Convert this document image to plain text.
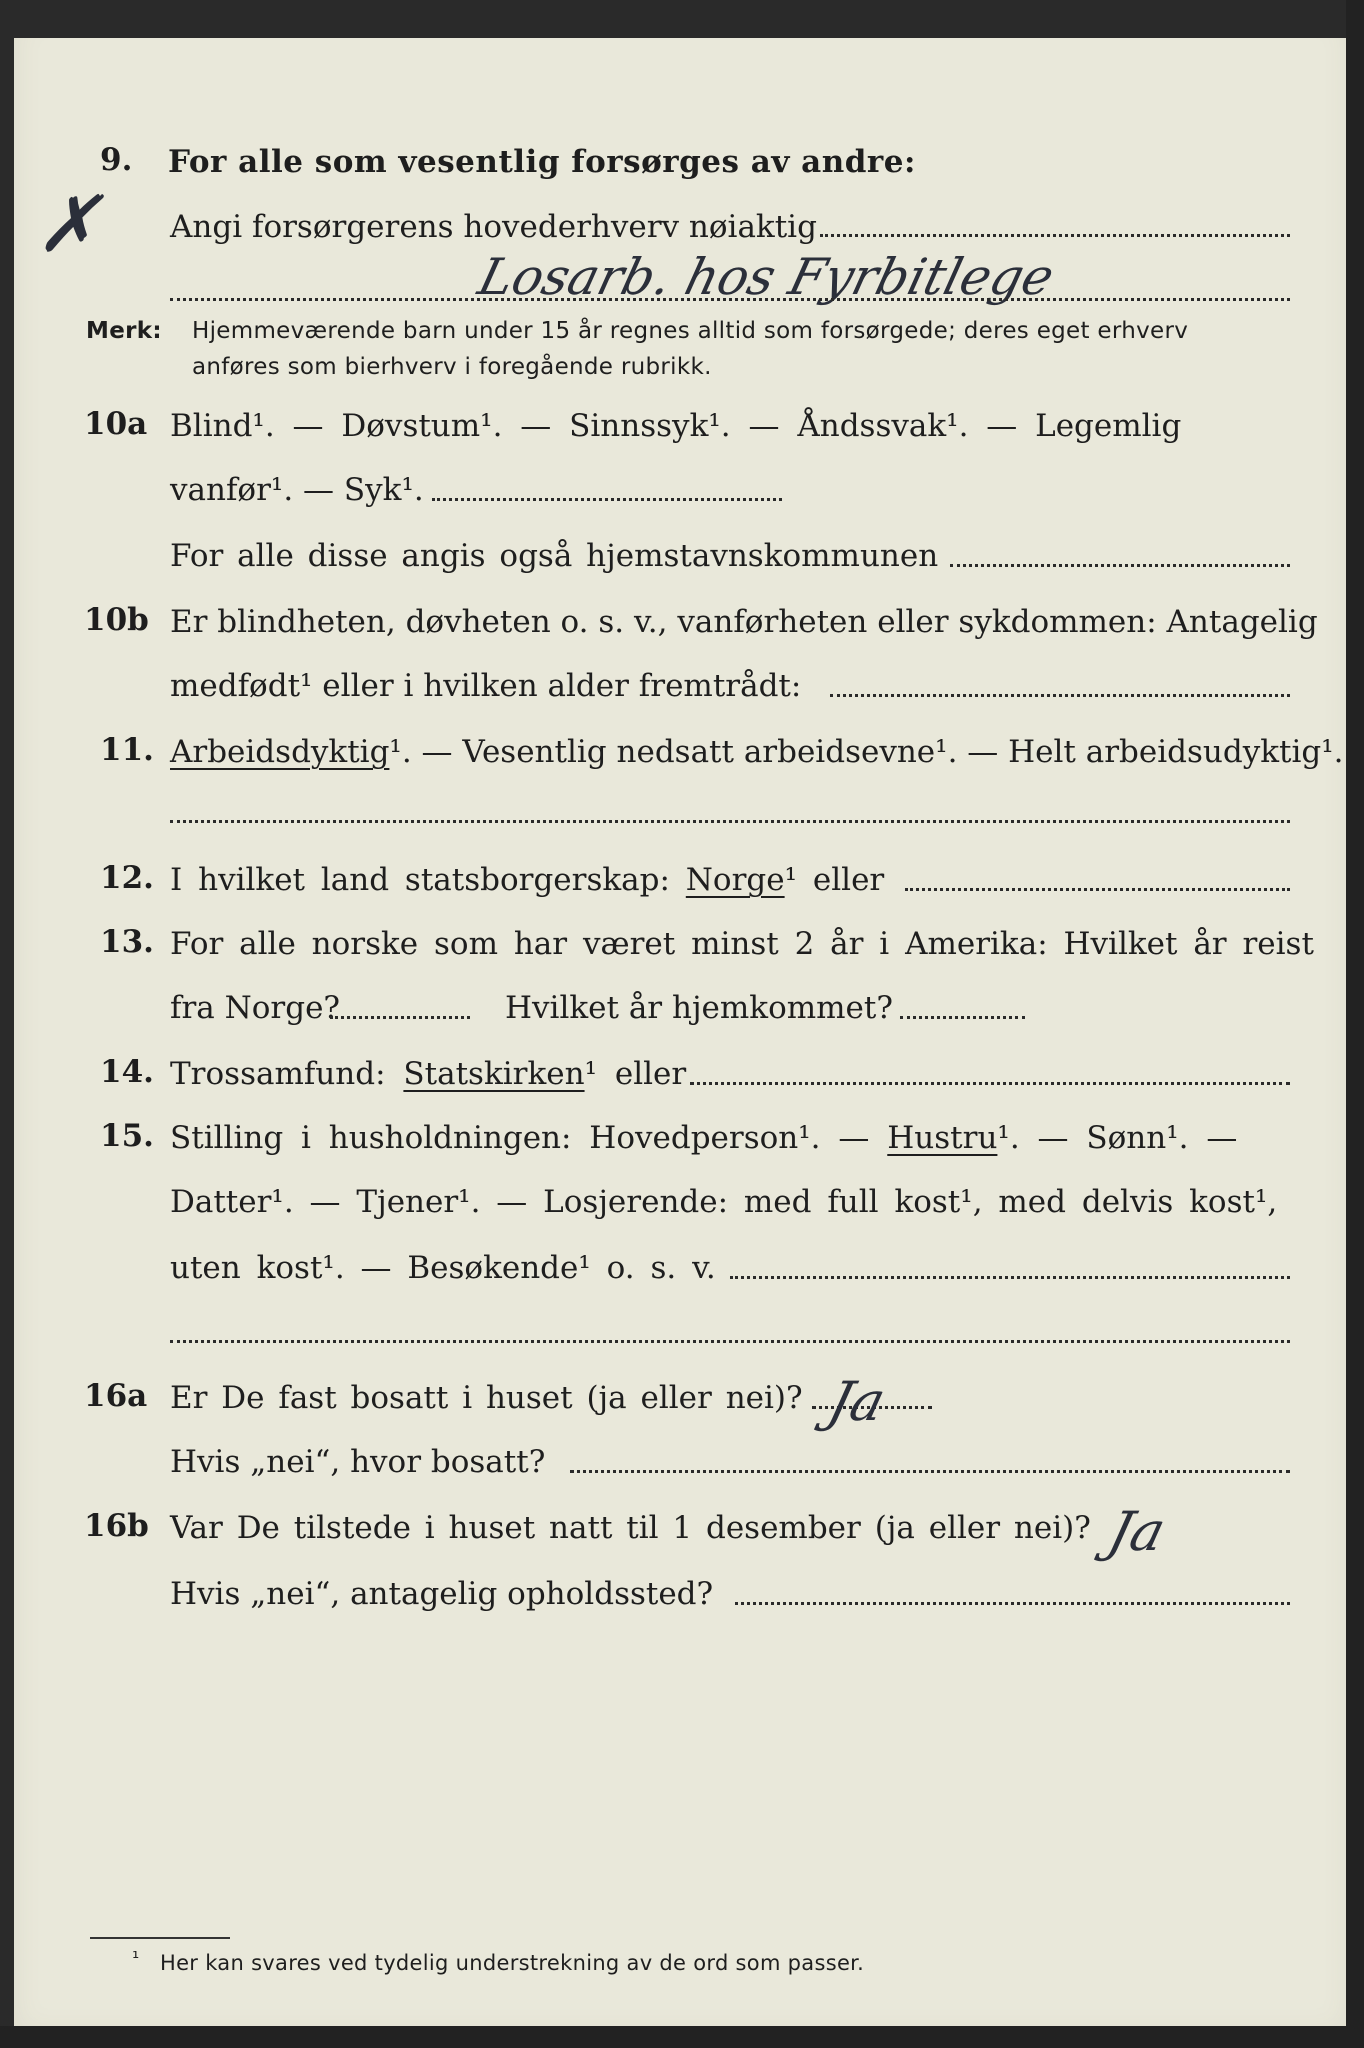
9. For alle som vesentlig forsørges av andre:
✗ Angi forsørgerens hovederhverv nøiaktig
Losarb. hos Fyrbitlege
Merk: Hjemmeværende barn under 15 år regnes alltid som forsørgede; deres eget erhverv
anføres som bierhverv i foregående rubrikk.
10a Blind¹. — Døvstum¹. — Sinnssyk¹. — Åndssvak¹. — Legemlig
vanfør¹. — Syk¹.
For alle disse angis også hjemstavnskommunen
10b Er blindheten, døvheten o. s. v., vanførheten eller sykdommen: Antagelig
medfødt¹ eller i hvilken alder fremtrådt:
11. Arbeidsdyktig¹. — Vesentlig nedsatt arbeidsevne¹. — Helt arbeidsudyktig¹.
12. I hvilket land statsborgerskap: Norge¹ eller
13. For alle norske som har været minst 2 år i Amerika: Hvilket år reist
fra Norge?	Hvilket år hjemkommet?
14. Trossamfund: Statskirken¹ eller
15. Stilling i husholdningen: Hovedperson¹. — Hustru¹. — Sønn¹. —
Datter¹. — Tjener¹. — Losjerende: med full kost¹, med delvis kost¹,
uten kost¹. — Besøkende¹ o. s. v.
16a Er De fast bosatt i huset (ja eller nei)? Ja
Hvis „nei“, hvor bosatt?
16b Var De tilstede i huset natt til 1 desember (ja eller nei)? Ja
Hvis „nei“, antagelig opholdssted?
¹ Her kan svares ved tydelig understrekning av de ord som passer.
